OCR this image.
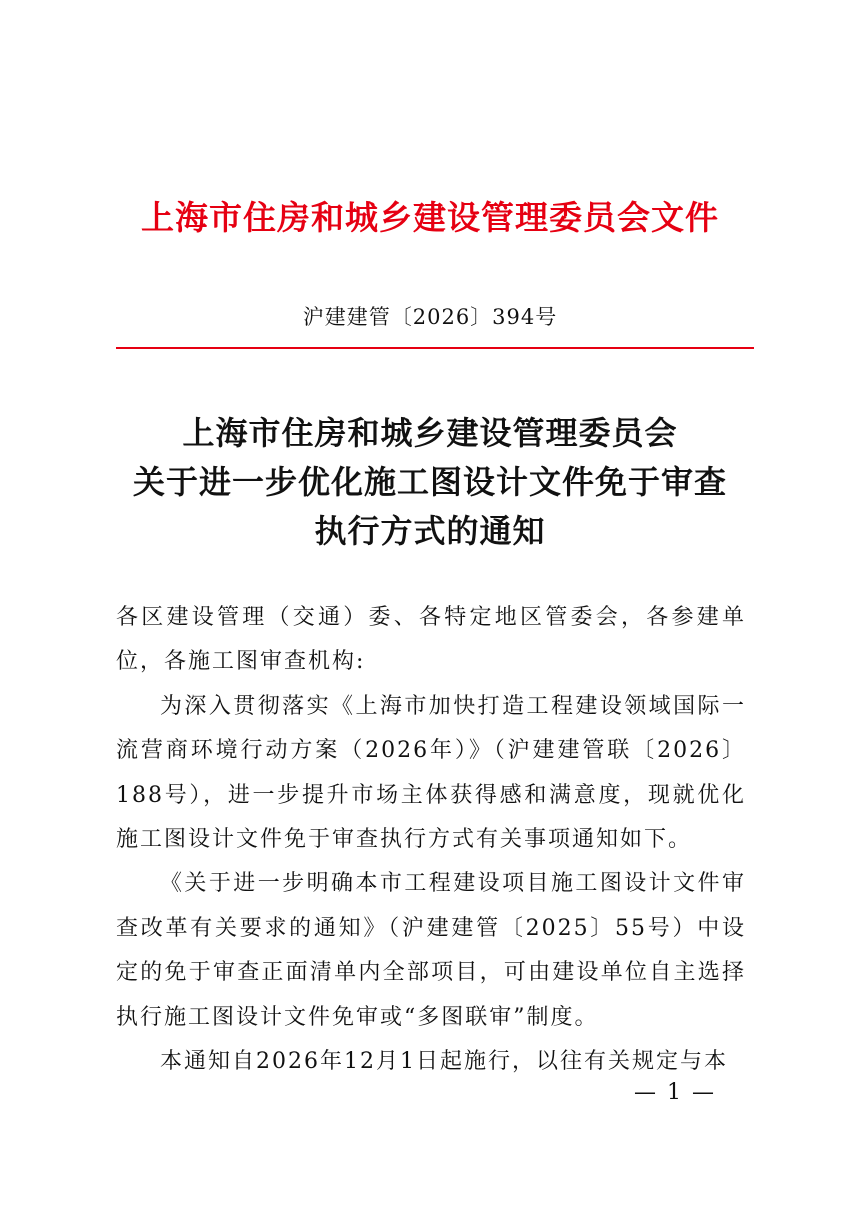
上海市住房和城乡建设管理委员会文件
沪建建管〔2026〕394号
上海市住房和城乡建设管理委员会
关于进一步优化施工图设计文件免于审查
执行方式的通知

各区建设管理（交通）委、各特定地区管委会，各参建单位，各施工图审查机构:

为深入贯彻落实《上海市加快打造工程建设领域国际一流营商环境行动方案（2026年）》（沪建建管联〔2026〕188号），进一步提升市场主体获得感和满意度，现就优化施工图设计文件免于审查执行方式有关事项通知如下。

《关于进一步明确本市工程建设项目施工图设计文件审查改革有关要求的通知》（沪建建管〔2025〕55号）中设定的免于审查正面清单内全部项目，可由建设单位自主选择执行施工图设计文件免审或“多图联审”制度。

本通知自2026年12月1日起施行，以往有关规定与本

— 1 —
